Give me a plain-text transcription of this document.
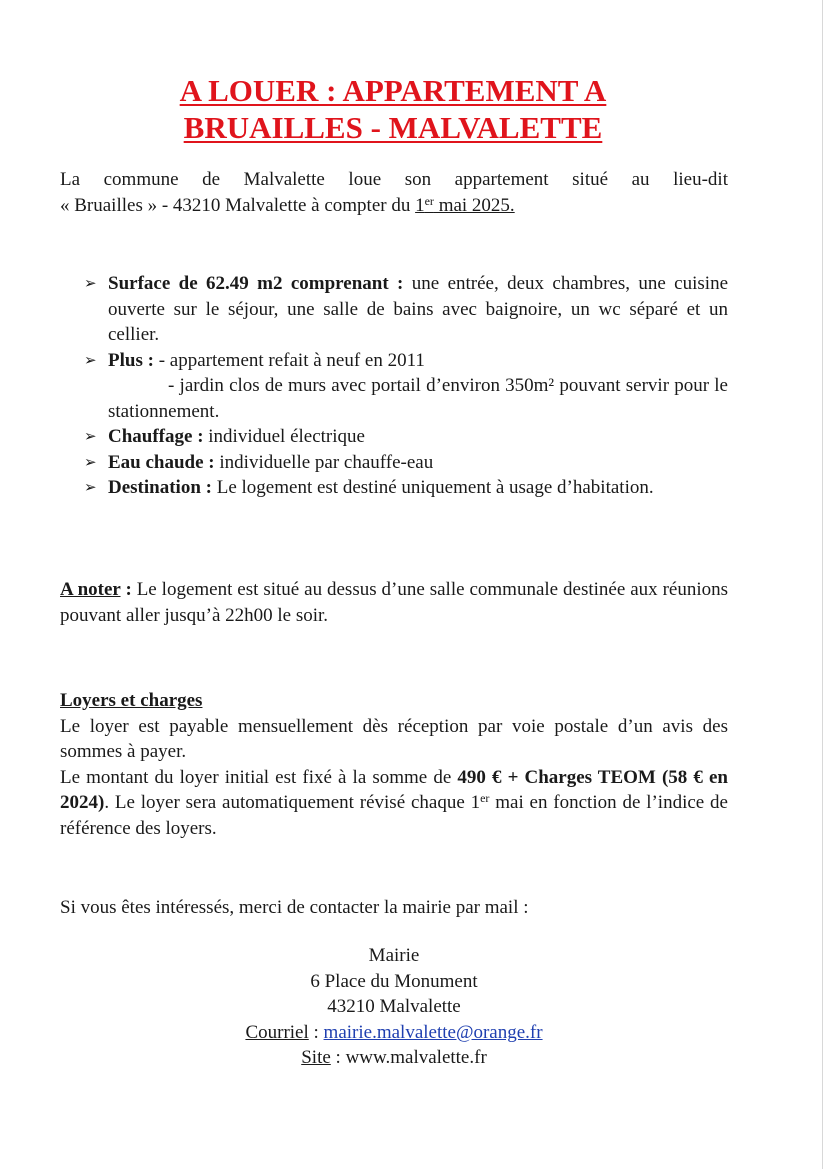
A LOUER : APPARTEMENT A
BRUAILLES - MALVALETTE
La commune de Malvalette loue son appartement situé au lieu-dit
« Bruailles » - 43210 Malvalette à compter du 1er mai 2025.
➢ Surface de 62.49 m2 comprenant : une entrée, deux chambres, une cuisine ouverte sur le séjour, une salle de bains avec baignoire, un wc séparé et un cellier.
➢ Plus : - appartement refait à neuf en 2011
- jardin clos de murs avec portail d’environ 350m² pouvant servir pour le stationnement.
➢ Chauffage : individuel électrique
➢ Eau chaude : individuelle par chauffe-eau
➢ Destination : Le logement est destiné uniquement à usage d’habitation.
A noter : Le logement est situé au dessus d’une salle communale destinée aux réunions pouvant aller jusqu’à 22h00 le soir.
Loyers et charges
Le loyer est payable mensuellement dès réception par voie postale d’un avis des sommes à payer.
Le montant du loyer initial est fixé à la somme de 490 € + Charges TEOM (58 € en 2024). Le loyer sera automatiquement révisé chaque 1er mai en fonction de l’indice de référence des loyers.
Si vous êtes intéressés, merci de contacter la mairie par mail :
Mairie
6 Place du Monument
43210 Malvalette
Courriel : mairie.malvalette@orange.fr
Site : www.malvalette.fr
